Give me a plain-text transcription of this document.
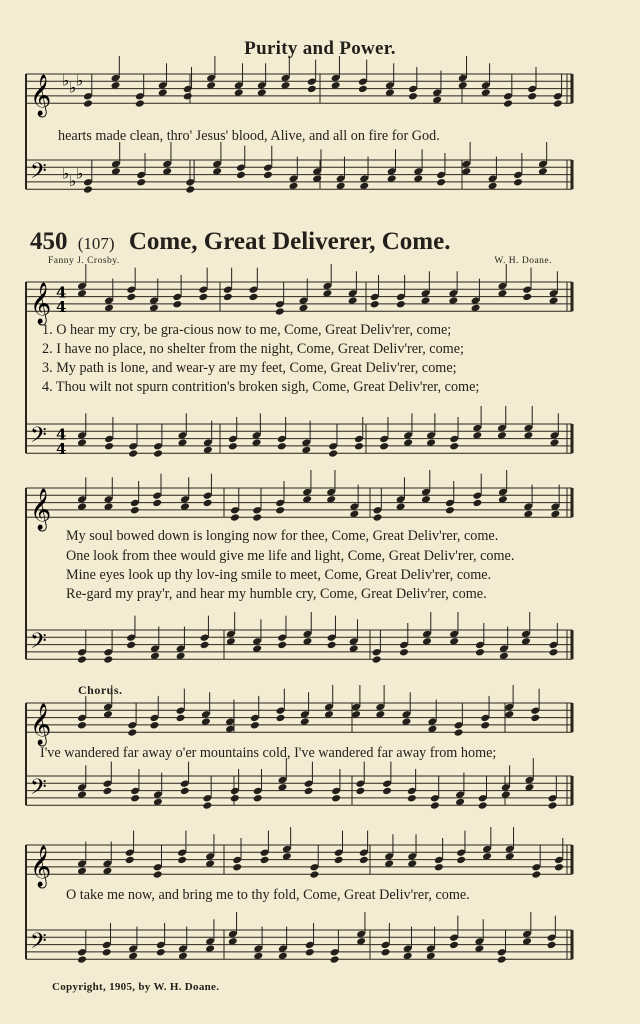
Purity and Power.
𝄞
𝄢
♭
♭
♭
♭
♭
♭
𝄞
𝄢
4
4
4
4
𝄞
𝄢
𝄞
𝄢
𝄞
𝄢
hearts made clean, thro' Jesus' blood, Alive, and all on fire for God.
450 (107) Come, Great Deliverer, Come.
Fanny J. Crosby.	W. H. Doane.
1. O hear my cry, be gra-cious now to me, Come, Great Deliv'rer, come;
2. I have no place, no shelter from the night, Come, Great Deliv'rer, come;
3. My path is lone, and wear-y are my feet, Come, Great Deliv'rer, come;
4. Thou wilt not spurn contrition's broken sigh, Come, Great Deliv'rer, come;
My soul bowed down is longing now for thee, Come, Great Deliv'rer, come.
One look from thee would give me life and light, Come, Great Deliv'rer, come.
Mine eyes look up thy lov-ing smile to meet, Come, Great Deliv'rer, come.
Re-gard my pray'r, and hear my humble cry, Come, Great Deliv'rer, come.
Chorus.
I've wandered far away o'er mountains cold, I've wandered far away from home;
O take me now, and bring me to thy fold, Come, Great Deliv'rer, come.
Copyright, 1905, by W. H. Doane.
